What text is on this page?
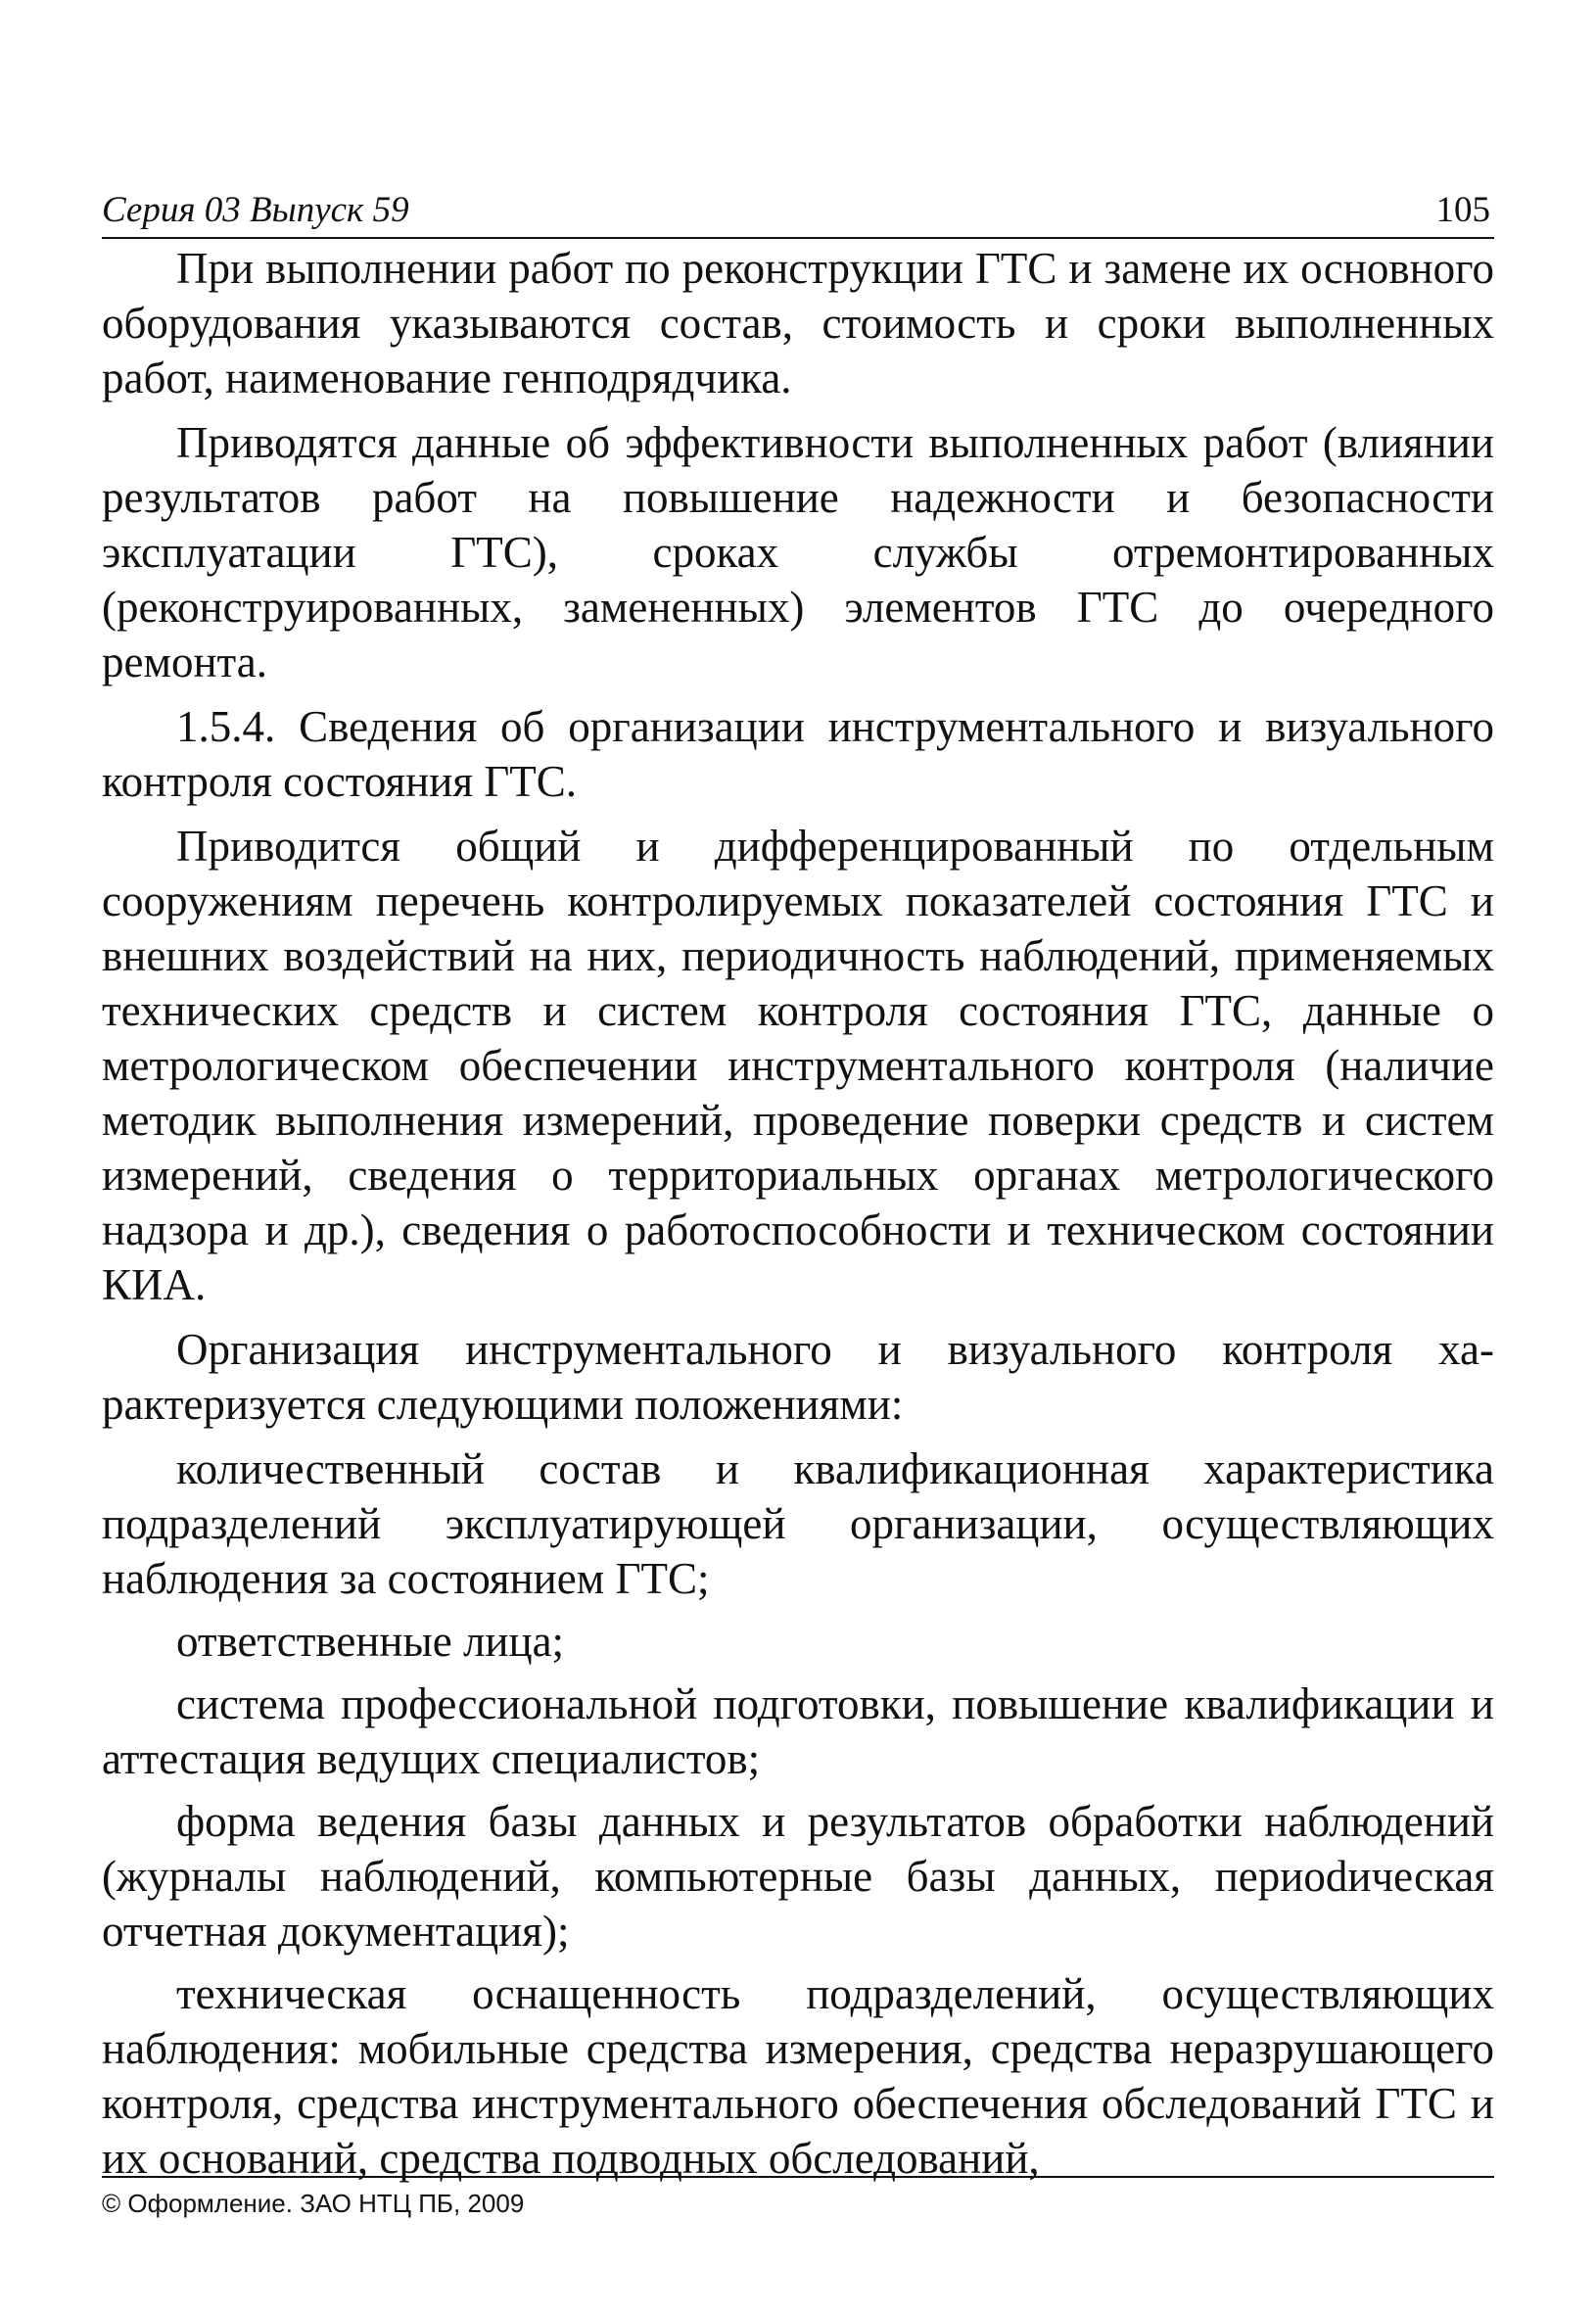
Серия 03 Выпуск 59	105

При выполнении работ по реконструкции ГТС и замене их основного оборудования указываются состав, стоимость и сроки выполненных работ, наименование генподрядчика.

Приводятся данные об эффективности выполненных работ (влиянии результатов работ на повышение надежности и безопасности эксплуатации ГТС), сроках службы отремонтированных (реконструированных, замененных) элементов ГТС до очередного ремонта.

1.5.4. Сведения об организации инструментального и визуального контроля состояния ГТС.

Приводится общий и дифференцированный по отдельным сооружениям перечень контролируемых показателей состояния ГТС и внешних воздействий на них, периодичность наблюдений, применяемых технических средств и систем контроля состояния ГТС, данные о метрологическом обеспечении инструментального контроля (наличие методик выполнения измерений, проведение поверки средств и систем измерений, сведения о территориальных органах метрологического надзора и др.), сведения о работоспособности и техническом состоянии КИА.

Организация инструментального и визуального контроля характеризуется следующими положениями:

количественный состав и квалификационная характеристика подразделений эксплуатирующей организации, осуществляющих наблюдения за состоянием ГТС;

ответственные лица;

система профессиональной подготовки, повышение квалификации и аттестация ведущих специалистов;

форма ведения базы данных и результатов обработки наблюдений (журналы наблюдений, компьютерные базы данных, периоdическая отчетная документация);

техническая оснащенность подразделений, осуществляющих наблюдения: мобильные средства измерения, средства неразрушающего контроля, средства инструментального обеспечения обследований ГТС и их оснований, средства подводных обследований,

© Оформление. ЗАО НТЦ ПБ, 2009
